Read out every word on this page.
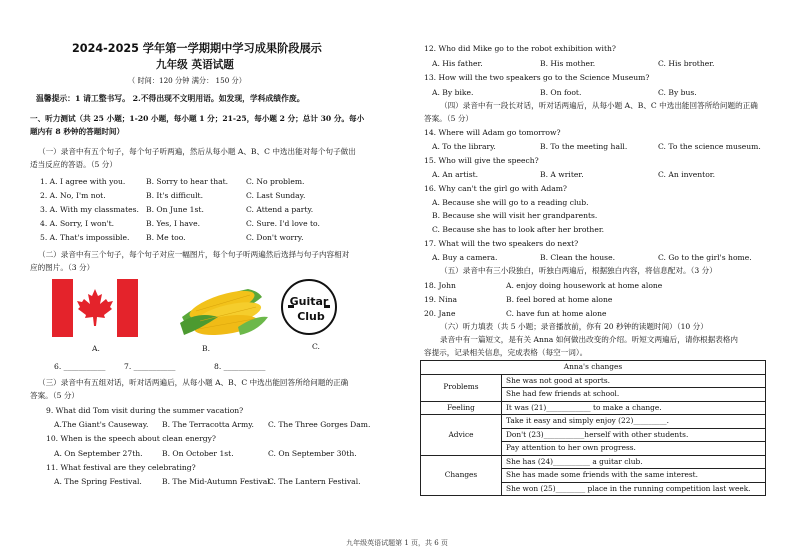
2024-2025 学年第一学期期中学习成果阶段展示
九年级 英语试题
（ 时间：120 分钟 满分： 150 分）
温馨提示：1 请工整书写。 2.不得出现不文明用语。如发现，学科成绩作废。
一、听力测试（共 25 小题；1-20 小题，每小题 1 分；21-25，每小题 2 分；总计 30 分。每小
题内有 8 秒钟的答题时间）
（一）录音中有五个句子，每个句子听两遍，然后从每小题 A、B、C 中选出能对每个句子做出
适当反应的答语。（5 分）
1. A. I agree with you.	B. Sorry to hear that. C. No problem.
2. A. No, I'm not.	B. It's difficult.	C. Last Sunday.
3. A. With my classmates. B. On June 1st.	C. Attend a party.
4. A. Sorry, I won't.	B. Yes, I have.	C. Sure. I'd love to.
5. A. That's impossible. B. Me too.	C. Don't worry.
（二）录音中有三个句子，每个句子对应一幅图片，每个句子听两遍然后选择与句子内容相对
应的图片。（3 分）
A.	B.
Guitar
Club
C.
6. ___________ 7. ___________	8. ___________
（三）录音中有五组对话，听对话两遍后，从每小题 A、B、C 中选出能回答所给问题的正确
答案。（5 分）
9. What did Tom visit during the summer vacation?
A.The Giant's Causeway. B. The Terracotta Army. C. The Three Gorges Dam.
10. When is the speech about clean energy?
A. On September 27th.	B. On October 1st.	C. On September 30th.
11. What festival are they celebrating?
A. The Spring Festival.	B. The Mid-Autumn Festival.
C. The Lantern Festival.
12. Who did Mike go to the robot exhibition with?
A. His father.	B. His mother.	C. His brother.
13. How will the two speakers go to the Science Museum?
A. By bike.	B. On foot.	C. By bus.
（四）录音中有一段长对话，听对话两遍后，从每小题 A、B、C 中选出能回答所给问题的正确
答案。（5 分）
14. Where will Adam go tomorrow?
A. To the library.	B. To the meeting hall.	C. To the science museum.
15. Who will give the speech?
A. An artist.	B. A writer.	C. An inventor.
16. Why can't the girl go with Adam?
A. Because she will go to a reading club.
B. Because she will visit her grandparents.
C. Because she has to look after her brother.
17. What will the two speakers do next?
A. Buy a camera.	B. Clean the house.	C. Go to the girl's home.
（五）录音中有三小段独白，听独白两遍后，根据独白内容，将信息配对。（3 分）
18. John	A. enjoy doing housework at home alone
19. Nina	B. feel bored at home alone
20. Jane	C. have fun at home alone
（六）听力填表（共 5 小题；录音播放前，你有 20 秒钟的读题时间）（10 分）
录音中有一篇短文，是有关 Anna 如何做出改变的介绍。听短文两遍后，请你根据表格内
容提示，记录相关信息，完成表格（每空一词）。
Anna's changes	
Problems	She was not good at sports.
	She had few friends at school.
Feeling	It was (21)____________ to make a change.
Advice	Take it easy and simply enjoy (22)_________.
	Don't (23)___________herself with other students.
	Pay attention to her own progress.
Changes	She has (24)__________ a guitar club.
	She has made some friends with the same interest.
	She won (25)________ place in the running competition last week.
九年级英语试题第 1 页，共 6 页
